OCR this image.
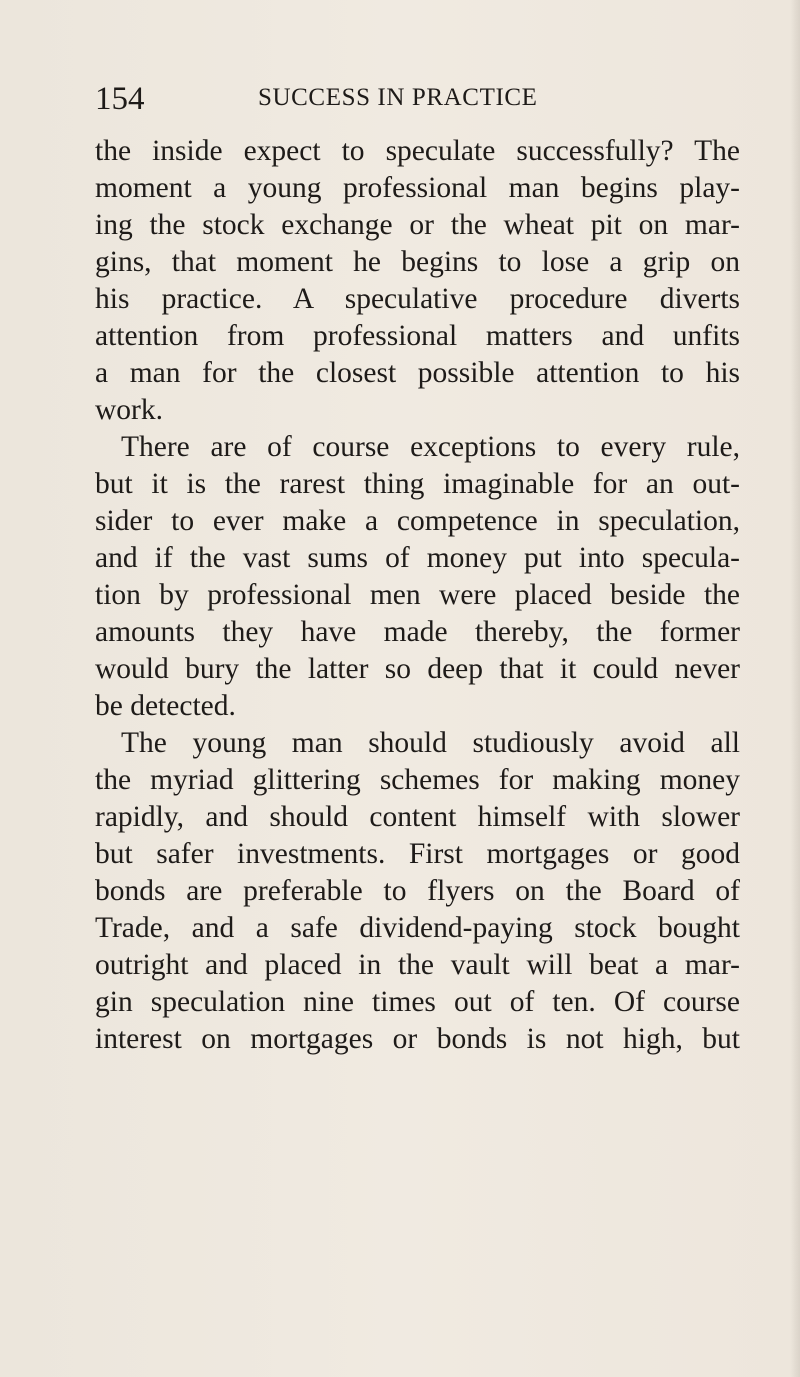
154	SUCCESS IN PRACTICE
the inside expect to speculate successfully? The
moment a young professional man begins play-
ing the stock exchange or the wheat pit on mar-
gins, that moment he begins to lose a grip on
his practice. A speculative procedure diverts
attention from professional matters and unfits
a man for the closest possible attention to his
work.
There are of course exceptions to every rule,
but it is the rarest thing imaginable for an out-
sider to ever make a competence in speculation,
and if the vast sums of money put into specula-
tion by professional men were placed beside the
amounts they have made thereby, the former
would bury the latter so deep that it could never
be detected.
The young man should studiously avoid all
the myriad glittering schemes for making money
rapidly, and should content himself with slower
but safer investments. First mortgages or good
bonds are preferable to flyers on the Board of
Trade, and a safe dividend-paying stock bought
outright and placed in the vault will beat a mar-
gin speculation nine times out of ten. Of course
interest on mortgages or bonds is not high, but
